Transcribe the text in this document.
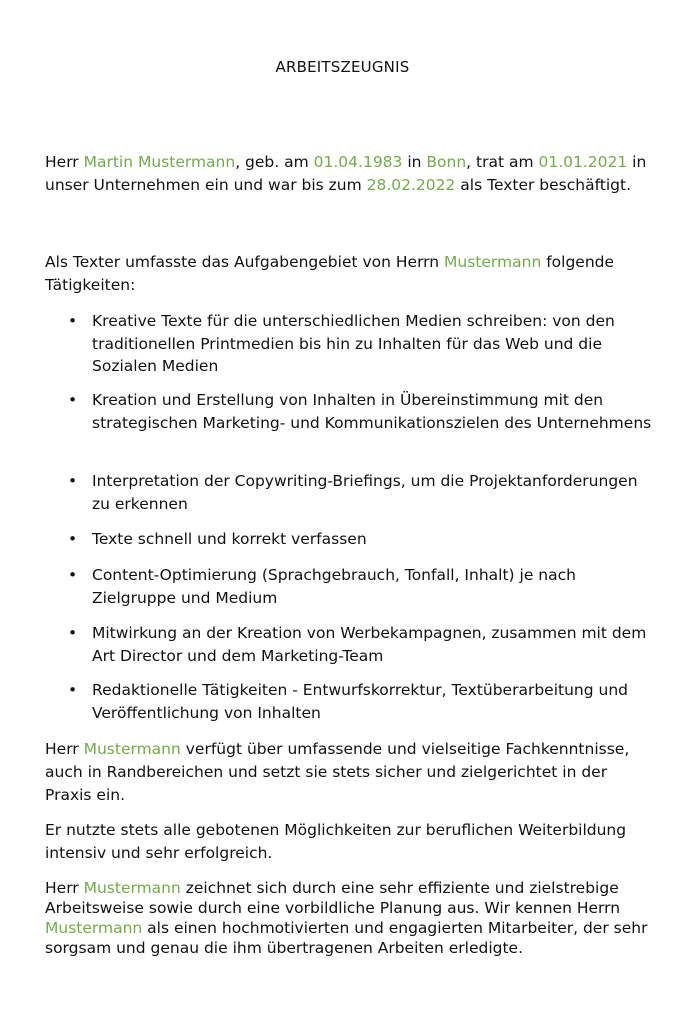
ARBEITSZEUGNIS

Herr Martin Mustermann, geb. am 01.04.1983 in Bonn, trat am 01.01.2021 in unser Unternehmen ein und war bis zum 28.02.2022 als Texter beschäftigt.

Als Texter umfasste das Aufgabengebiet von Herrn Mustermann folgende Tätigkeiten:

• Kreative Texte für die unterschiedlichen Medien schreiben: von den traditionellen Printmedien bis hin zu Inhalten für das Web und die Sozialen Medien
• Kreation und Erstellung von Inhalten in Übereinstimmung mit den strategischen Marketing- und Kommunikationszielen des Unternehmens
• Interpretation der Copywriting-Briefings, um die Projektanforderungen zu erkennen
• Texte schnell und korrekt verfassen
• Content-Optimierung (Sprachgebrauch, Tonfall, Inhalt) je nach Zielgruppe und Medium
• Mitwirkung an der Kreation von Werbekampagnen, zusammen mit dem Art Director und dem Marketing-Team
• Redaktionelle Tätigkeiten - Entwurfskorrektur, Textüberarbeitung und Veröffentlichung von Inhalten

Herr Mustermann verfügt über umfassende und vielseitige Fachkenntnisse, auch in Randbereichen und setzt sie stets sicher und zielgerichtet in der Praxis ein.

Er nutzte stets alle gebotenen Möglichkeiten zur beruflichen Weiterbildung intensiv und sehr erfolgreich.

Herr Mustermann zeichnet sich durch eine sehr effiziente und zielstrebige Arbeitsweise sowie durch eine vorbildliche Planung aus. Wir kennen Herrn Mustermann als einen hochmotivierten und engagierten Mitarbeiter, der sehr sorgsam und genau die ihm übertragenen Arbeiten erledigte.
